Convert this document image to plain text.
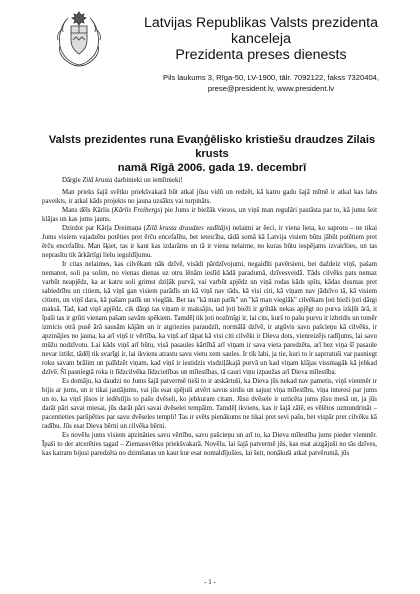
Latvijas Republikas Valsts prezidenta kanceleja
Prezidenta preses dienests
Pils laukums 3, Rīga-50, LV-1900, tālr. 7092122, fakss 7320404,
prese@president.lv, www.president.lv
Valsts prezidentes runa Evaņģēlisko kristiešu draudzes Zilais krusts
namā Rīgā 2006. gada 19. decembrī

Dārgie Zilā krusta darbinieki un iemītnieki!

Man prieks šajā svētku priekšvakarā būt atkal jūsu vidū un redzēt, kā katru gadu šajā mītnē ir atkal kas labs paveikts, ir atkal kāds projekts no jauna uzsākts vai turpināts.

Mans dēls Kārlis (Kārlis Freibergs) pie Jums ir biežāk viesos, un viņš man regulāri pastāsta par to, kā jums šeit klājas un kas jums jauns.

Dzirdot par Kārļa Dreimaņa (Zilā krusta draudzes vadītājs) nelaimi ar ēeci, ir viena lieta, ko saprotu – ne tikai Jums visiem vajadzētu potēties pret ērču encefalītu, bet ieteicība, tādā somā kā Latvija visiem būtu jābūt potētiem pret ērču encefalītu. Man šķiet, tas ir kaut kas izdarāms un tā ir viena nelaime, no kuras būtu iespējams izvairīties, un tas neprasītu tik ārkārtīgi lielu ieguldījumu.

Ir citas nelaimes, kas cilvēkam nāk dzīvē, visādi pārdzīvojumi, negaidīti pavērsieni, bet daždeiz viņš, pašam nemanot, soli pa solim, no vienas dienas uz otru lēnām ieslīd kādā paradumā, dzīvesveidā. Tāds cilvēks pats nemaz varbūt neapjēdz, ka ar katru soli grimst dziļāk purvā, vai varbūt apjēdz un viņā rodas kāds spīts, kādas dusmas pret sabiedrību un citiem, kā viņš gan visiem parādīs un kā viņš nav tāds, kā visi citi, kā viņam nav jādzīvo tā, kā visiem citiem, un viņš dara, kā pašam patīk un vieglāk. Bet tas "kā man patīk" un "kā man vieglāk" cilvēkam ļoti bieži ļoti dārgi maksā. Tad, kad viņš apjēdz, cik dārgi tas viņam ir maksājis, tad ļoti bieži ir grūtāk nekas apjēgt no purva izkļūt ārā, it īpaši tas ir grūti vienam pašam savām spēkiem. Tamdēļ tik ļoti nozīmīgi ir, lai cits, kurš to pašu purvu ir izbridis un tomēr izmicis otrā pusē ārā sausām kājām un ir atgriezies paraudzīt, normālā dzīvē, ir atgūvis savu pašcieņu kā cilvēks, ir apzinājies no jauna, ka arī viņš ir vērtība, ka viņš arī tāpat kā visi citi cilvēki ir Dieva dots, vienreizējs radījums, lai savu mūžu nodzīvotu. Lai kāds viņš arī būtu, visā pasaules kārtībā arī viņam ir sava vieta paredzēta, arī bez viņa šī pasaule nevar iztikt, tādēļ tik svarīgi ir, lai ikviens atrastu savu vietu zem saules. Ir tik labi, ja tie, kuri to ir saprratuši var pasniegt roku savam brālim un palīdzēt viņam, kad viņš ir iestidzis visdziļākajā purvā un kad viņam klājas vissmagāk kā jebkad dzīvē. Šī pasniegtā roka ir līdzcilvēka līdzcietības un mīlestības, tā cauri viņu izpaužas arī Dieva mīlestība.

Es domāju, ka daudzi no Jums šajā patvermē tieši to ir atskārtuši, ka Dieva jūs nekad nav pametis, viņš vienmēr ir bijis ar jums, un ir tikai jautājums, vai jūs esat spējuši atvērt savus sirdis un sajust viņa mīlestību, viņa interesi par jums un to, ka viņš jūsos ir iedēstījis to pašu dvēseli, ko jebkuram citam. Jūsu dvēsele ir uzticēta jums jūsu mesā un, ja jūs darāt pāri savai miesai, jūs darāt pāri savai dvēselei tempāim. Tamdēļ ikviens, kas ir šajā zālē, es vēlētos uzmundrināt – pacentieties parūpēties par savu dvēseles templi! Tas ir svēts pienākums ne tikai pret sevi pašu, bet vispār pret cilvēku kā radību. Jūs esat Dieva bērni un cilvēka bērni.

Es novēlu jums visiem apzināties savu vērtību, savu pašcieņu un arī to, ka Dieva mīlestība jums pieder vienmēr. Īpaši to der atcerēties tagad – Ziemassvētku priekšvakarā. Novēlu, lai šajā patvermē jūs, kas esat aizgājuši no tās dzīves, kas katram bijusi paredzēta no dzimšanas un kaut kur esat nomaldījušies, lai šeit, nonākuši atkal patvērumā, jūs

- 1 -
